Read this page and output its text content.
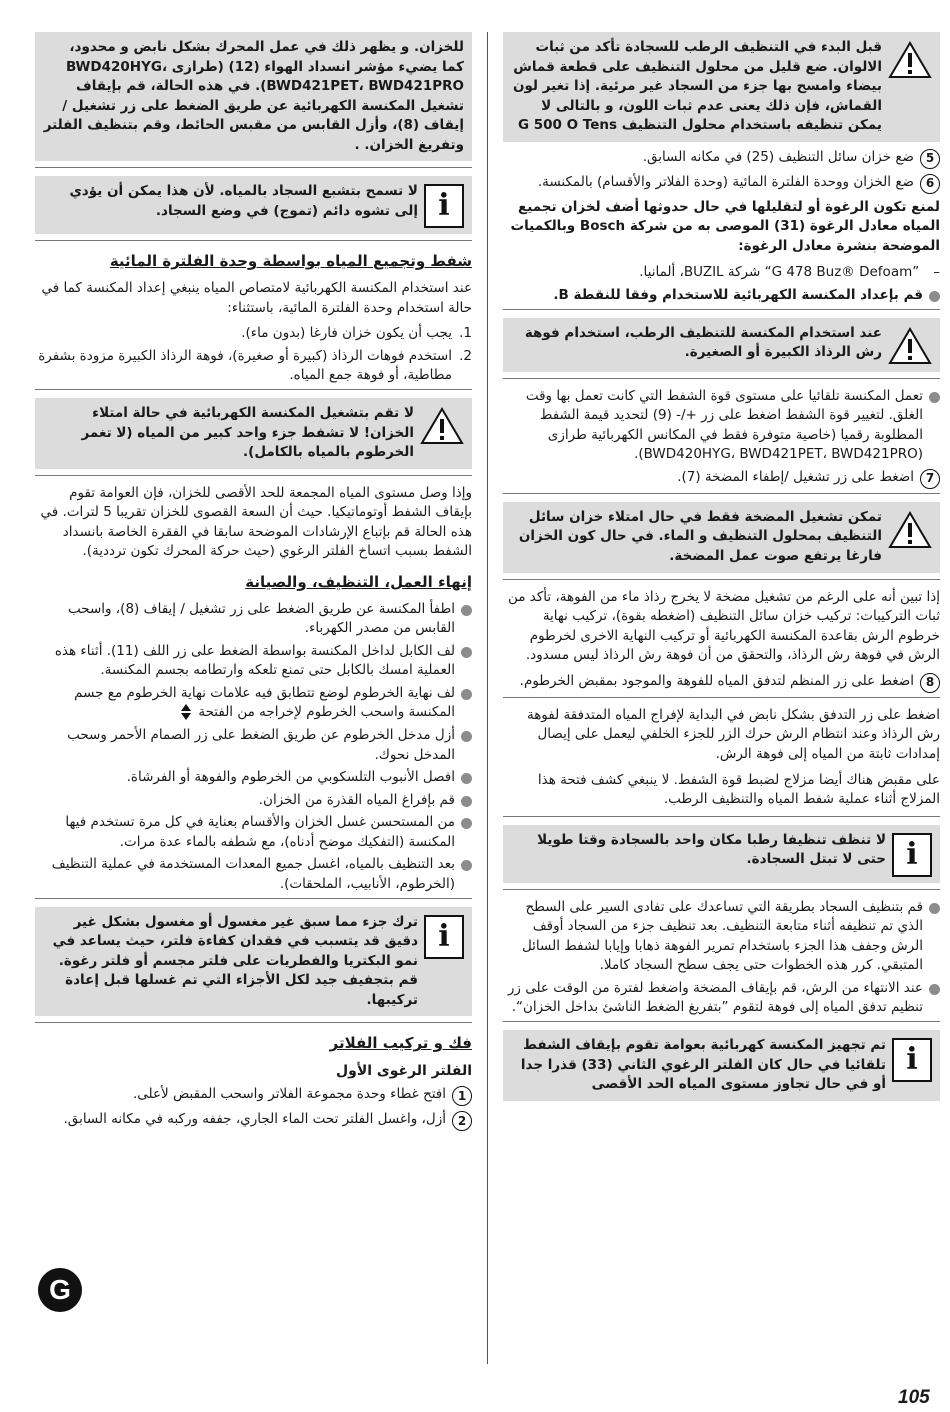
قبل البدء في التنظيف الرطب للسجادة تأكد من ثبات الالوان. ضع قليل من محلول التنظيف على قطعة قماش بيضاء وامسح بها جزء من السجاد غير مرئية. إذا تغير لون القماش، فإن ذلك يعنى عدم ثبات اللون، و بالتالى لا يمكن تنظيفه باستخدام محلول التنظيف G 500 O Tens
5
ضع خزان سائل التنظيف (25) في مكانه السابق.
6
ضع الخزان ووحدة الفلترة المائية (وحدة الفلاتر والأقسام) بالمكنسة.
لمنع تكون الرغوة أو لتقليلها في حال حدوثها أضف لخزان تجميع المياه معادل الرغوة (31) الموصى به من شركة Bosch وبالكميات الموضحة بنشرة معادل الرغوة:
–
”G 478 Buz® Defoam“ شركة BUZIL، ألمانيا.
قم بإعداد المكنسة الكهربائية للاستخدام وفقا للنقطة B.
عند استخدام المكنسة للتنظيف الرطب، استخدام فوهة رش الرذاذ الكبيرة أو الصغيرة.
تعمل المكنسة تلقائيا على مستوى قوة الشفط التي كانت تعمل بها وقت الغلق. لتغيير قوة الشفط اضغط على زر +/- (9) لتحديد قيمة الشفط المطلوبة رقميا (خاصية متوفرة فقط في المكانس الكهربائية طرازى (BWD420HYG، BWD421PET، BWD421PRO).
7
اضغط على زر تشغيل /إطفاء المضخة (7).
تمكن تشغيل المضخة فقط في حال امتلاء خزان سائل التنظيف بمحلول التنظيف و الماء. في حال كون الخزان فارغا يرتفع صوت عمل المضخة.
إذا تبين أنه على الرغم من تشغيل مضخة لا يخرج رذاذ ماء من الفوهة، تأكد من ثبات التركيبات: تركيب خزان سائل التنظيف (اضغطه بقوة)، تركيب نهاية خرطوم الرش بقاعدة المكنسة الكهربائية أو تركيب النهاية الاخرى لخرطوم الرش في فوهة رش الرذاذ، والتحقق من أن فوهة رش الرذاذ ليس مسدود.
8
اضغط على زر المنظم لتدفق المياه للفوهة والموجود بمقبض الخرطوم.
اضغط على زر التدفق بشكل نابض في البداية لإفراج المياه المتدفقة لفوهة رش الرذاذ وعند انتظام الرش حرك الزر للجزء الخلفي ليعمل على إيصال إمدادات ثابتة من المياه إلى فوهة الرش.
على مقبض هناك أيضا مزلاج لضبط قوة الشفط. لا ينبغي كشف فتحة هذا المزلاج أثناء عملية شفط المياه والتنظيف الرطب.
i
لا تنظف تنظيفا رطبا مكان واحد بالسجادة وقتا طويلا حتى لا تبتل السجادة.
قم بتنظيف السجاد بطريقة التي تساعدك على تفادى السير على السطح الذي تم تنظيفه أثناء متابعة التنظيف. بعد تنظيف جزء من السجاد أوقف الرش وجفف هذا الجزء باستخدام تمرير الفوهة ذهابا وإيابا لشفط السائل المتبقي. كرر هذه الخطوات حتى يجف سطح السجاد كاملا.
عند الانتهاء من الرش، قم بإيقاف المضخة واضغط لفترة من الوقت على زر تنظيم تدفق المياه إلى فوهة لتقوم ”بتفريغ الضغط الناشئ بداخل الخزان“.
i
تم تجهيز المكنسة كهربائية بعوامة تقوم بإيقاف الشفط تلقائيا في حال كان الفلتر الرغوي الثاني (33) قذرا جدا أو في حال تجاوز مستوى المياه الحد الأقصى
للخزان. و يظهر ذلك في عمل المحرك بشكل نابض و محدود، كما يضيء مؤشر انسداد الهواء (12) (طرازى BWD420HYG، BWD421PET، BWD421PRO). في هذه الحالة، قم بإيقاف تشغيل المكنسة الكهربائية عن طريق الضغط على زر تشغيل / إيقاف (8)، وأزل القابس من مقبس الحائط، وقم بتنظيف الفلتر وتفريغ الخزان. .
i
لا تسمح بتشبع السجاد بالمياه. لأن هذا يمكن أن يؤدي إلى تشوه دائم (تموج) في وضع السجاد.
شفط وتجميع المياه بواسطة وحدة الفلترة المائية
عند استخدام المكنسة الكهربائية لامتصاص المياه ينبغي إعداد المكنسة كما في حالة استخدام وحدة الفلترة المائية، باستثناء:
1.
يجب أن يكون خزان فارغا (بدون ماء).
2.
استخدم فوهات الرذاذ (كبيرة أو صغيرة)، فوهة الرذاذ الكبيرة مزودة بشفرة مطاطية، أو فوهة جمع المياه.
لا تقم بتشغيل المكنسة الكهربائية في حالة امتلاء الخزان! لا تشفط جزء واحد كبير من المياه (لا تغمر الخرطوم بالمياه بالكامل).
وإذا وصل مستوى المياه المجمعة للحد الأقصى للخزان، فإن العوامة تقوم بإيقاف الشفط أوتوماتيكيا. حيث أن السعة القصوى للخزان تقريبا 5 لترات. في هذه الحالة قم بإتباع الإرشادات الموضحة سابقا في الفقرة الخاصة بانسداد الشفط بسبب اتساخ الفلتر الرغوي (حيث حركة المحرك تكون ترددية).
إنهاء العمل، التنظيف، والصيانة
اطفأ المكنسة عن طريق الضغط على زر تشغيل / إيقاف (8)، واسحب القابس من مصدر الكهرباء.
لف الكابل لداخل المكنسة بواسطة الضغط على زر اللف (11). أثناء هذه العملية امسك بالكابل حتى تمنع تلعكه وارتطامه بجسم المكنسة.
لف نهاية الخرطوم لوضع تتطابق فيه علامات نهاية الخرطوم مع جسم المكنسة واسحب الخرطوم لإخراجه من الفتحة
أزل مدخل الخرطوم عن طريق الضغط على زر الصمام الأحمر وسحب المدخل نحوك.
افصل الأنبوب التلسكوبي من الخرطوم والفوهة أو الفرشاة.
قم بإفراغ المياه القذرة من الخزان.
من المستحسن غسل الخزان والأقسام بعناية في كل مرة تستخدم فيها المكنسة (التفكيك موضح أدناه)، مع شطفه بالماء عدة مرات.
بعد التنظيف بالمياه، اغسل جميع المعدات المستخدمة في عملية التنظيف (الخرطوم، الأنابيب، الملحقات).
i
ترك جزء مما سبق غير مغسول أو مغسول بشكل غير دقيق قد يتسبب في فقدان كفاءة فلتر، حيث يساعد في نمو البكتريا والفطريات على فلتر مجسم أو فلتر رغوة. قم بتجفيف جيد لكل الأجزاء التي تم غسلها قبل إعادة تركيبها.
فك و تركيب الفلاتر
الفلتر الرغوى الأول
1
افتح غطاء وحدة مجموعة الفلاتر واسحب المقبض لأعلى.
2
أزل، واغسل الفلتر تحت الماء الجاري، جففه وركبه في مكانه السابق.
G
105
